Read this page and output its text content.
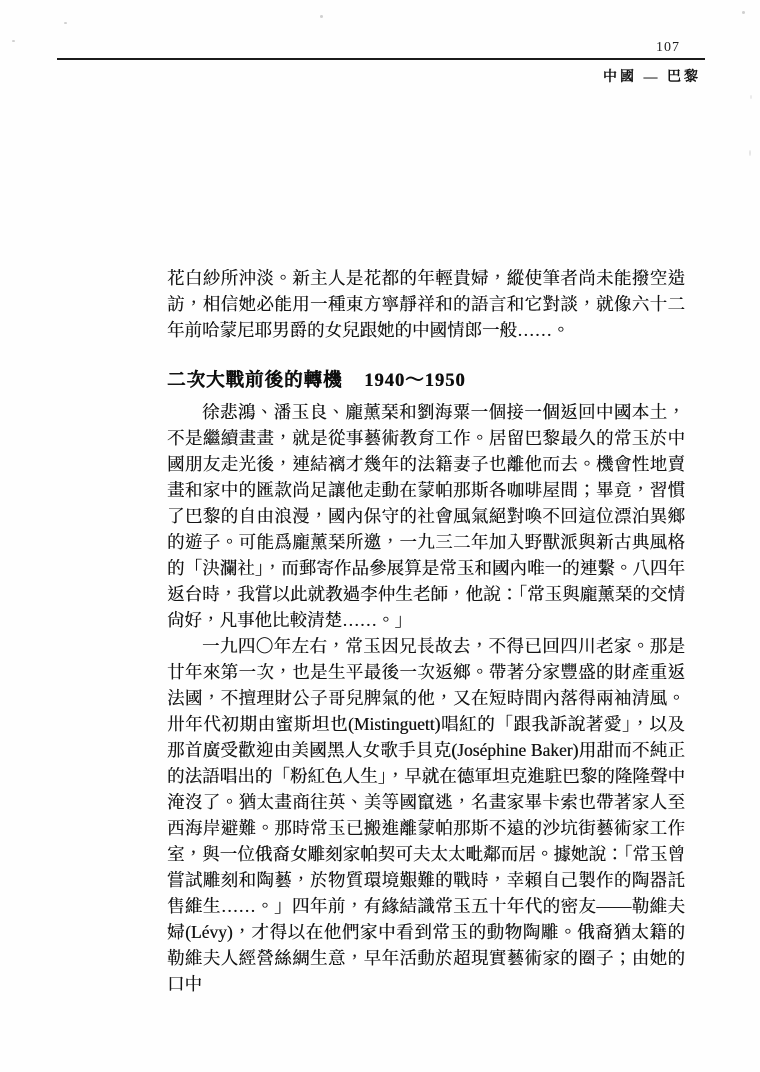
107
中國 — 巴黎

花白紗所沖淡。新主人是花都的年輕貴婦，縱使筆者尚未能撥空造訪，相信她必能用一種東方寧靜祥和的語言和它對談，就像六十二年前哈蒙尼耶男爵的女兒跟她的中國情郎一般……。

二次大戰前後的轉機 1940～1950

徐悲鴻、潘玉良、龐薰琹和劉海粟一個接一個返回中國本土，不是繼續畫畫，就是從事藝術教育工作。居留巴黎最久的常玉於中國朋友走光後，連結褵才幾年的法籍妻子也離他而去。機會性地賣畫和家中的匯款尚足讓他走動在蒙帕那斯各咖啡屋間；畢竟，習慣了巴黎的自由浪漫，國內保守的社會風氣絕對喚不回這位漂泊異鄉的遊子。可能爲龐薰琹所邀，一九三二年加入野獸派與新古典風格的「決瀾社」，而郵寄作品參展算是常玉和國內唯一的連繫。八四年返台時，我嘗以此就教過李仲生老師，他說：「常玉與龐薰琹的交情尙好，凡事他比較清楚……。」

一九四〇年左右，常玉因兄長故去，不得已回四川老家。那是廿年來第一次，也是生平最後一次返鄉。帶著分家豐盛的財產重返法國，不擅理財公子哥兒脾氣的他，又在短時間內落得兩袖清風。卅年代初期由蜜斯坦也(Mistinguett)唱紅的「跟我訴說著愛」，以及那首廣受歡迎由美國黑人女歌手貝克(Joséphine Baker)用甜而不純正的法語唱出的「粉紅色人生」，早就在德軍坦克進駐巴黎的隆隆聲中淹沒了。猶太畫商往英、美等國竄逃，名畫家畢卡索也帶著家人至西海岸避難。那時常玉已搬進離蒙帕那斯不遠的沙坑街藝術家工作室，與一位俄裔女雕刻家帕契可夫太太毗鄰而居。據她說：「常玉曾嘗試雕刻和陶藝，於物質環境艱難的戰時，幸賴自己製作的陶器託售維生……。」四年前，有緣結識常玉五十年代的密友——勒維夫婦(Lévy)，才得以在他們家中看到常玉的動物陶雕。俄裔猶太籍的勒維夫人經營絲綢生意，早年活動於超現實藝術家的圈子；由她的口中
